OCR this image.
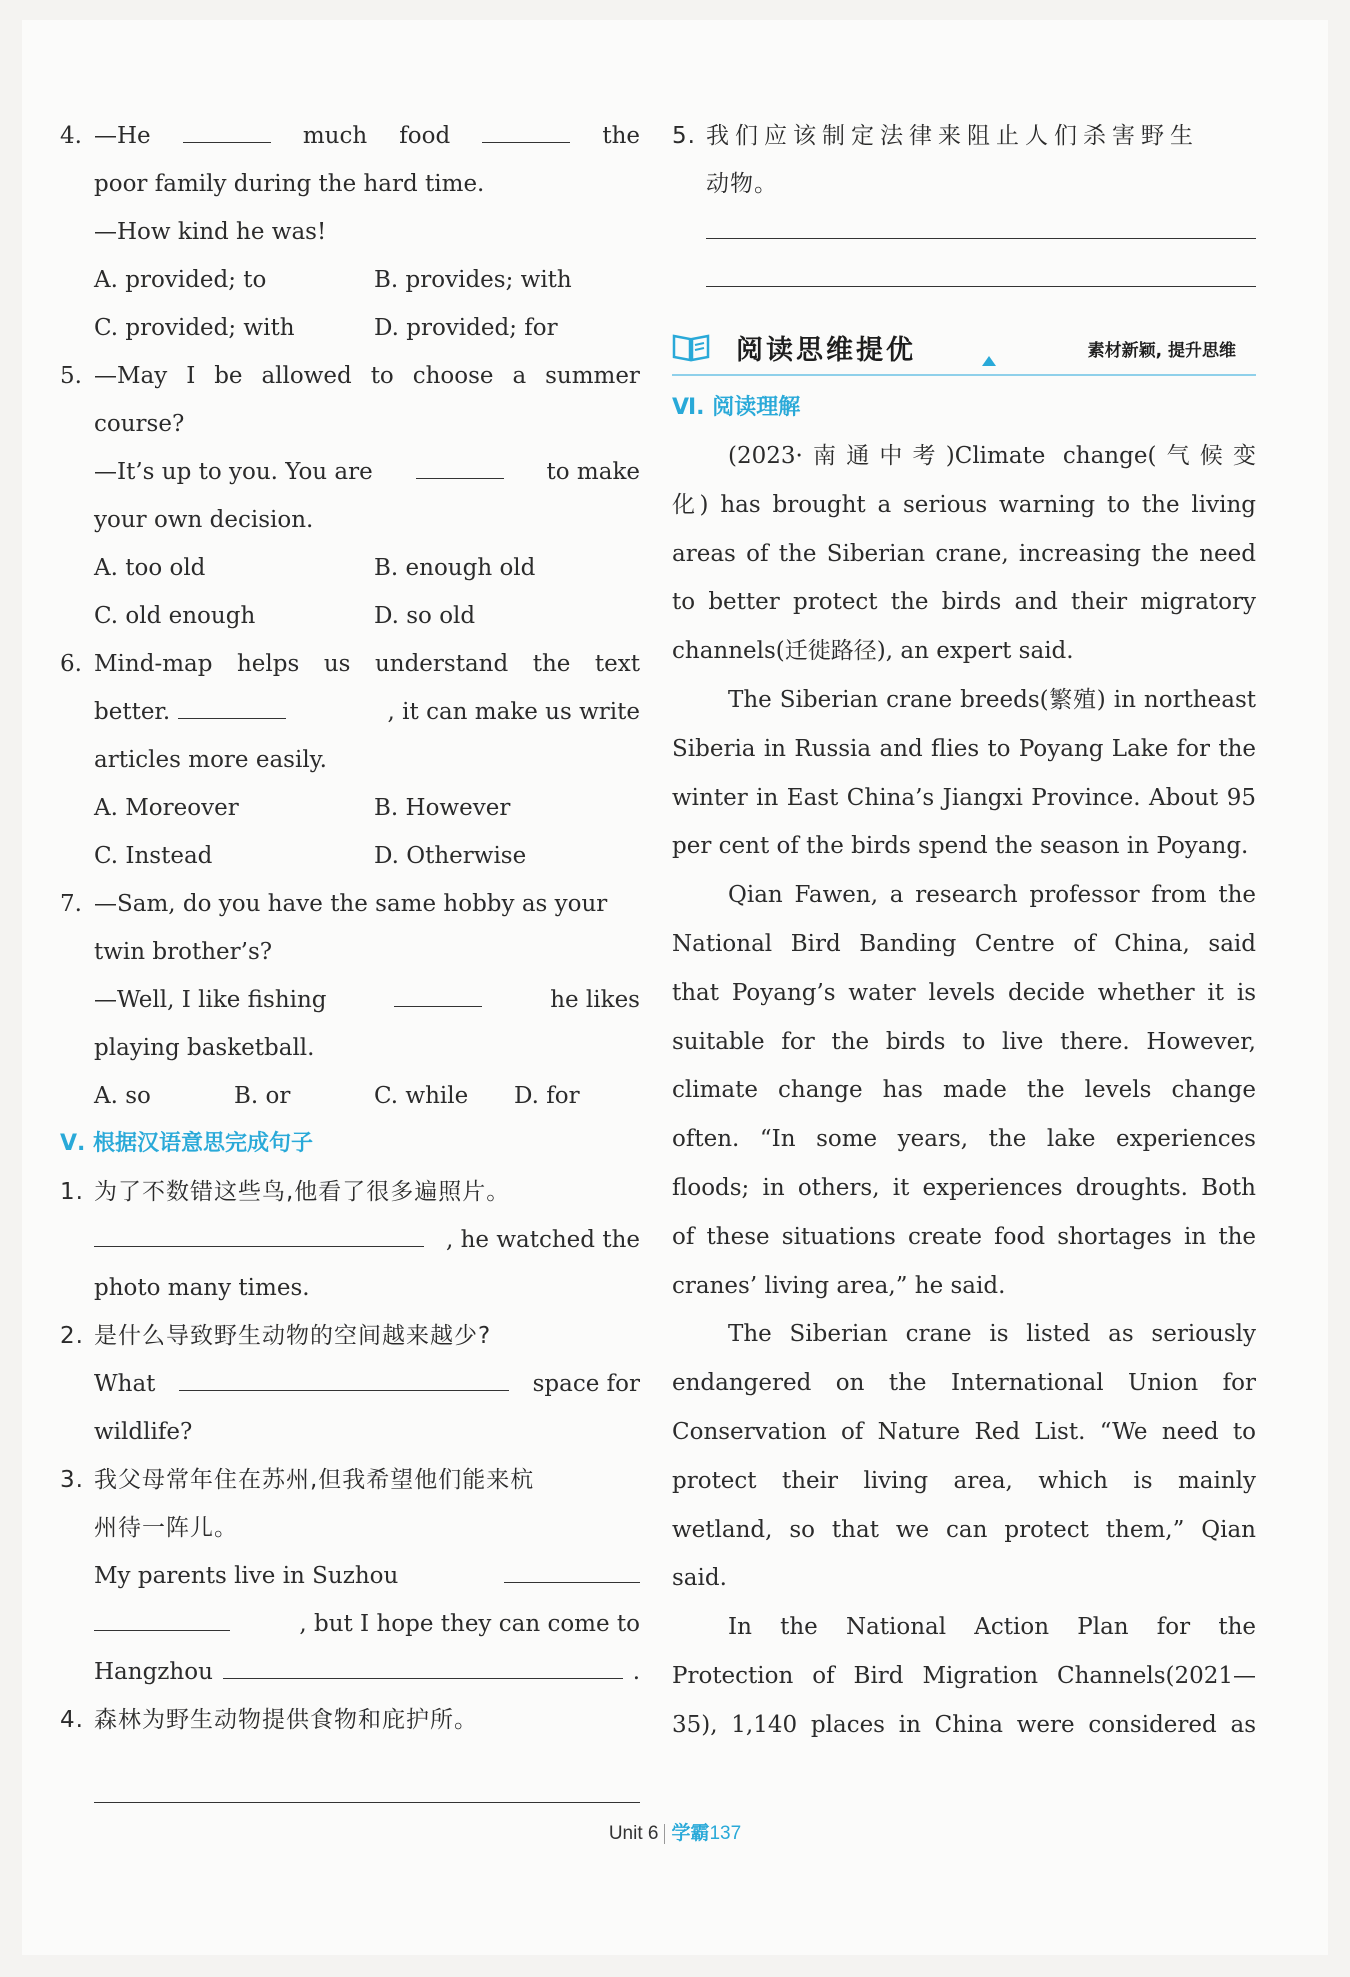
4. —He	much food	the
poor family during the hard time.
—How kind he was!
A. provided; to	B. provides; with
C. provided; with	D. provided; for
5. —May I be allowed to choose a summer
course?
—It’s up to you. You are	to make
your own decision.
A. too old	B. enough old
C. old enough	D. so old
6. Mind-map helps us understand the text
better.	, it can make us write
articles more easily.
A. Moreover	B. However
C. Instead	D. Otherwise
7. —Sam, do you have the same hobby as your
twin brother’s?
—Well, I like fishing	he likes
playing basketball.
A. so	B. or	C. while D. for
Ⅴ. 根据汉语意思完成句子
1. 为了不数错这些鸟,他看了很多遍照片。
, he watched the
photo many times.
2. 是什么导致野生动物的空间越来越少?
What	space for
wildlife?
3. 我父母常年住在苏州,但我希望他们能来杭
州待一阵儿。
My parents live in Suzhou
, but I hope they can come to
Hangzhou	.
4. 森林为野生动物提供食物和庇护所。
5. 我们应该制定法律来阻止人们杀害野生
动物。
阅读思维提优	素材新颖, 提升思维
Ⅵ. 阅读理解
(2023·南通中考)Climate change(气候变
化) has brought a serious warning to the living
areas of the Siberian crane, increasing the need
to better protect the birds and their migratory
channels(迁徙路径), an expert said.
The Siberian crane breeds(繁殖) in northeast
Siberia in Russia and flies to Poyang Lake for the
winter in East China’s Jiangxi Province. About 95
per cent of the birds spend the season in Poyang.
Qian Fawen, a research professor from the
National Bird Banding Centre of China, said
that Poyang’s water levels decide whether it is
suitable for the birds to live there. However,
climate change has made the levels change
often. “In some years, the lake experiences
floods; in others, it experiences droughts. Both
of these situations create food shortages in the
cranes’ living area,” he said.
The Siberian crane is listed as seriously
endangered on the International Union for
Conservation of Nature Red List. “We need to
protect their living area, which is mainly
wetland, so that we can protect them,” Qian
said.
In the National Action Plan for the
Protection of Bird Migration Channels(2021—
35), 1,140 places in China were considered as
Unit 6 学霸137
